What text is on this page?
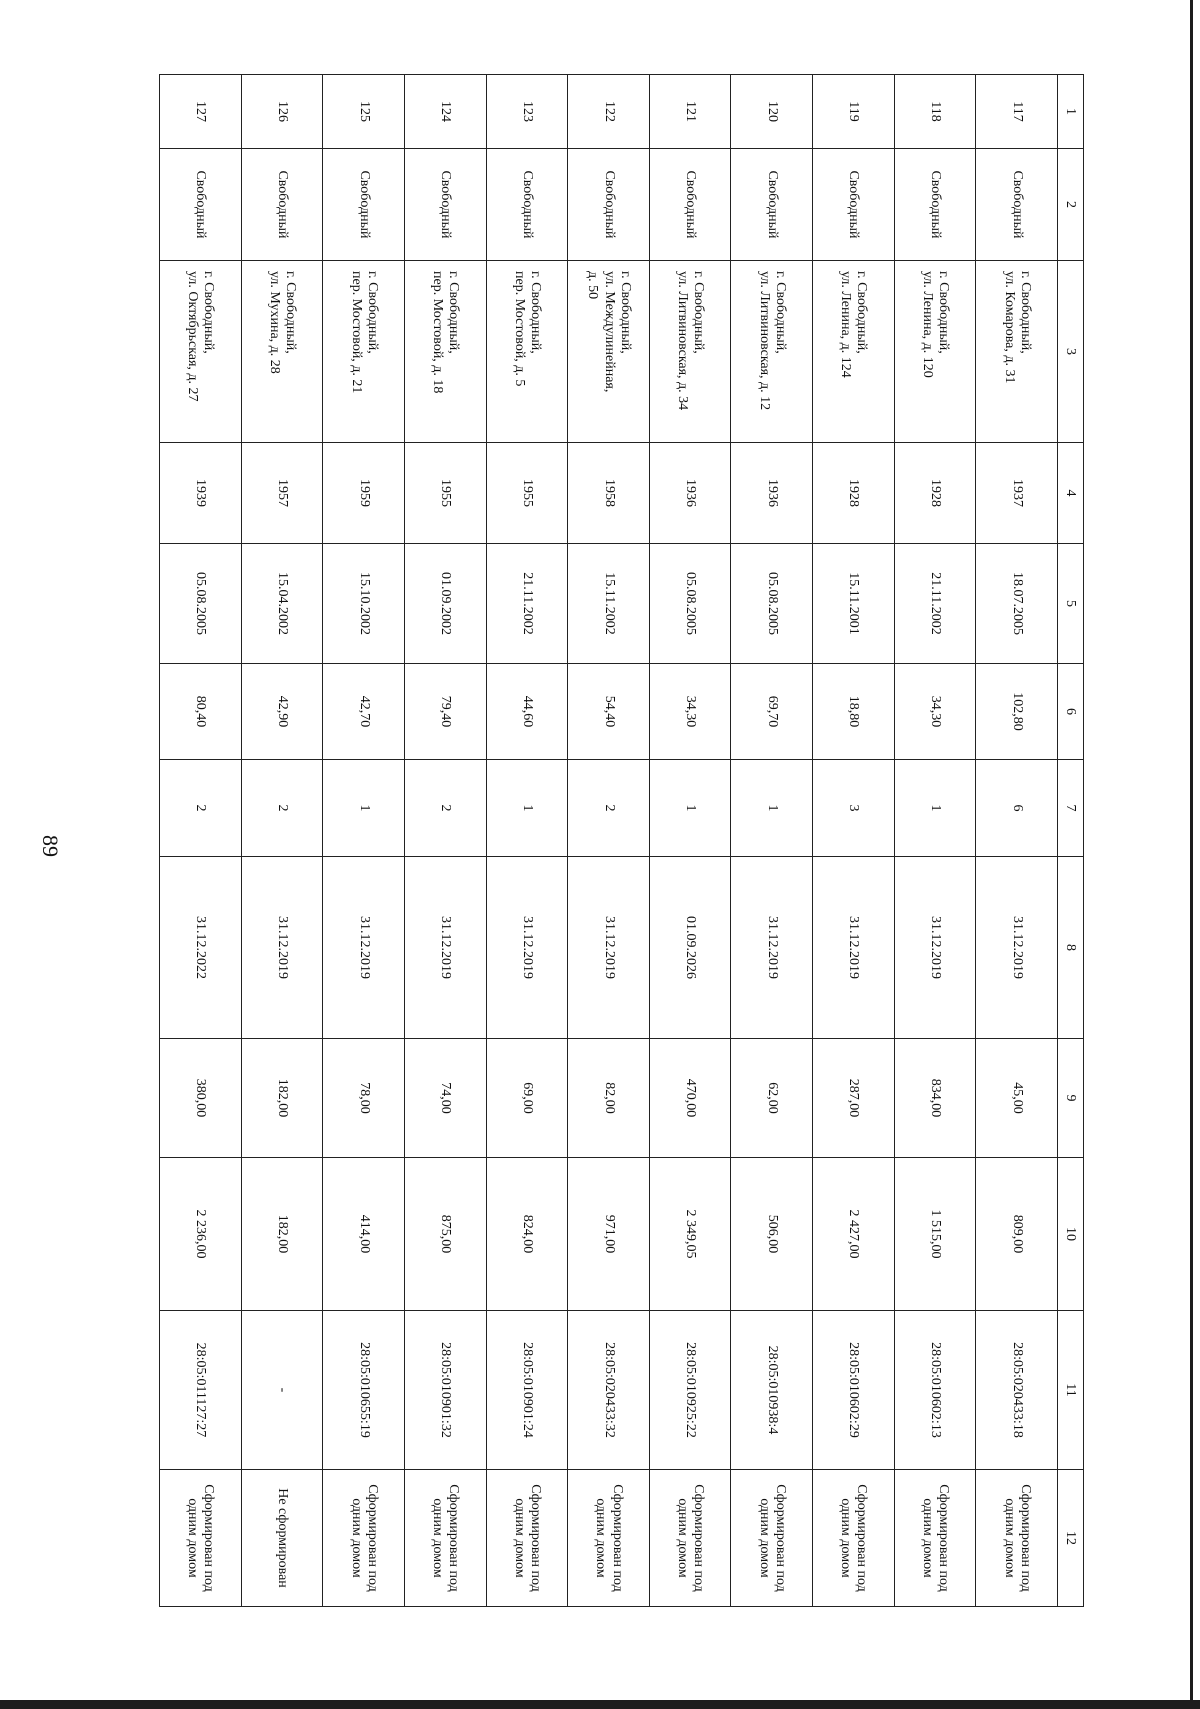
89
1	2	3	4	5	6	7	8	9	10	11	12
117	Свободный	г. Свободный,
ул. Комарова, д. 31	1937	18.07.2005	102,80	6	31.12.2019	45,00	809,00	28:05:020433:18	Сформирован под
одним домом
118	Свободный	г. Свободный,
ул. Ленина, д. 120	1928	21.11.2002	34,30	1	31.12.2019	834,00	1 515,00	28:05:010602:13	Сформирован под
одним домом
119	Свободный	г. Свободный,
ул. Ленина, д. 124	1928	15.11.2001	18,80	3	31.12.2019	287,00	2 427,00	28:05:010602:29	Сформирован под
одним домом
120	Свободный	г. Свободный,
ул. Литвиновская, д. 12	1936	05.08.2005	69,70	1	31.12.2019	62,00	506,00	28:05:010938:4	Сформирован под
одним домом
121	Свободный	г. Свободный,
ул. Литвиновская, д. 34	1936	05.08.2005	34,30	1	01.09.2026	470,00	2 349,05	28:05:010925:22	Сформирован под
одним домом
122	Свободный	г. Свободный,
ул. Междулинейная,
д. 50	1958	15.11.2002	54,40	2	31.12.2019	82,00	971,00	28:05:020433:32	Сформирован под
одним домом
123	Свободный	г. Свободный,
пер. Мостовой, д. 5	1955	21.11.2002	44,60	1	31.12.2019	69,00	824,00	28:05:010901:24	Сформирован под
одним домом
124	Свободный	г. Свободный,
пер. Мостовой, д. 18	1955	01.09.2002	79,40	2	31.12.2019	74,00	875,00	28:05:010901:32	Сформирован под
одним домом
125	Свободный	г. Свободный,
пер. Мостовой, д. 21	1959	15.10.2002	42,70	1	31.12.2019	78,00	414,00	28:05:010655:19	Сформирован под
одним домом
126	Свободный	г. Свободный,
ул. Мухина, д. 28	1957	15.04.2002	42,90	2	31.12.2019	182,00	182,00	-	Не сформирован
127	Свободный	г. Свободный,
ул. Октябрьская, д. 27	1939	05.08.2005	80,40	2	31.12.2022	380,00	2 236,00	28:05:011127:27	Сформирован под
одним домом
